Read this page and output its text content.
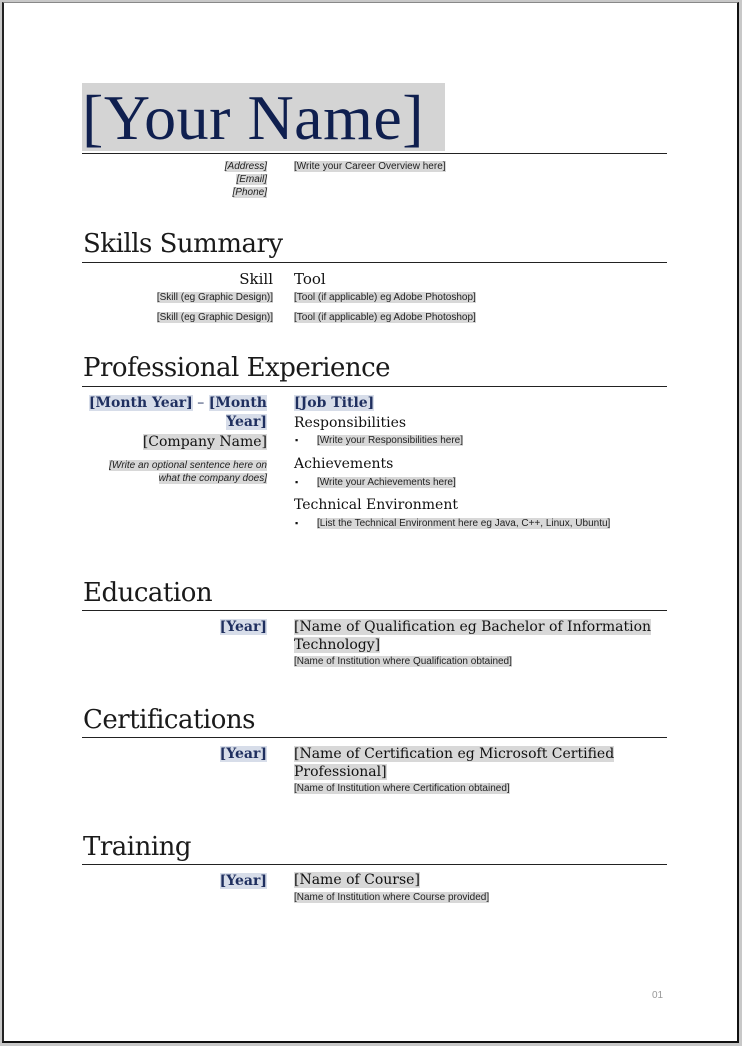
[Your Name]
[Address]
[Email]
[Phone]
[Write your Career Overview here]
Skills Summary
Skill Tool
[Skill (eg Graphic Design)] [Tool (if applicable) eg Adobe Photoshop]
[Skill (eg Graphic Design)] [Tool (if applicable) eg Adobe Photoshop]
Professional Experience
[Month Year] – [Month
Year]
[Company Name]
[Write an optional sentence here on
what the company does]
[Job Title]
Responsibilities
▪ [Write your Responsibilities here]
Achievements
▪ [Write your Achievements here]
Technical Environment
▪ [List the Technical Environment here eg Java, C++, Linux, Ubuntu]
Education
[Year] [Name of Qualification eg Bachelor of Information
Technology]
[Name of Institution where Qualification obtained]
Certifications
[Year] [Name of Certification eg Microsoft Certified
Professional]
[Name of Institution where Certification obtained]
Training
[Year] [Name of Course]
[Name of Institution where Course provided]
01
